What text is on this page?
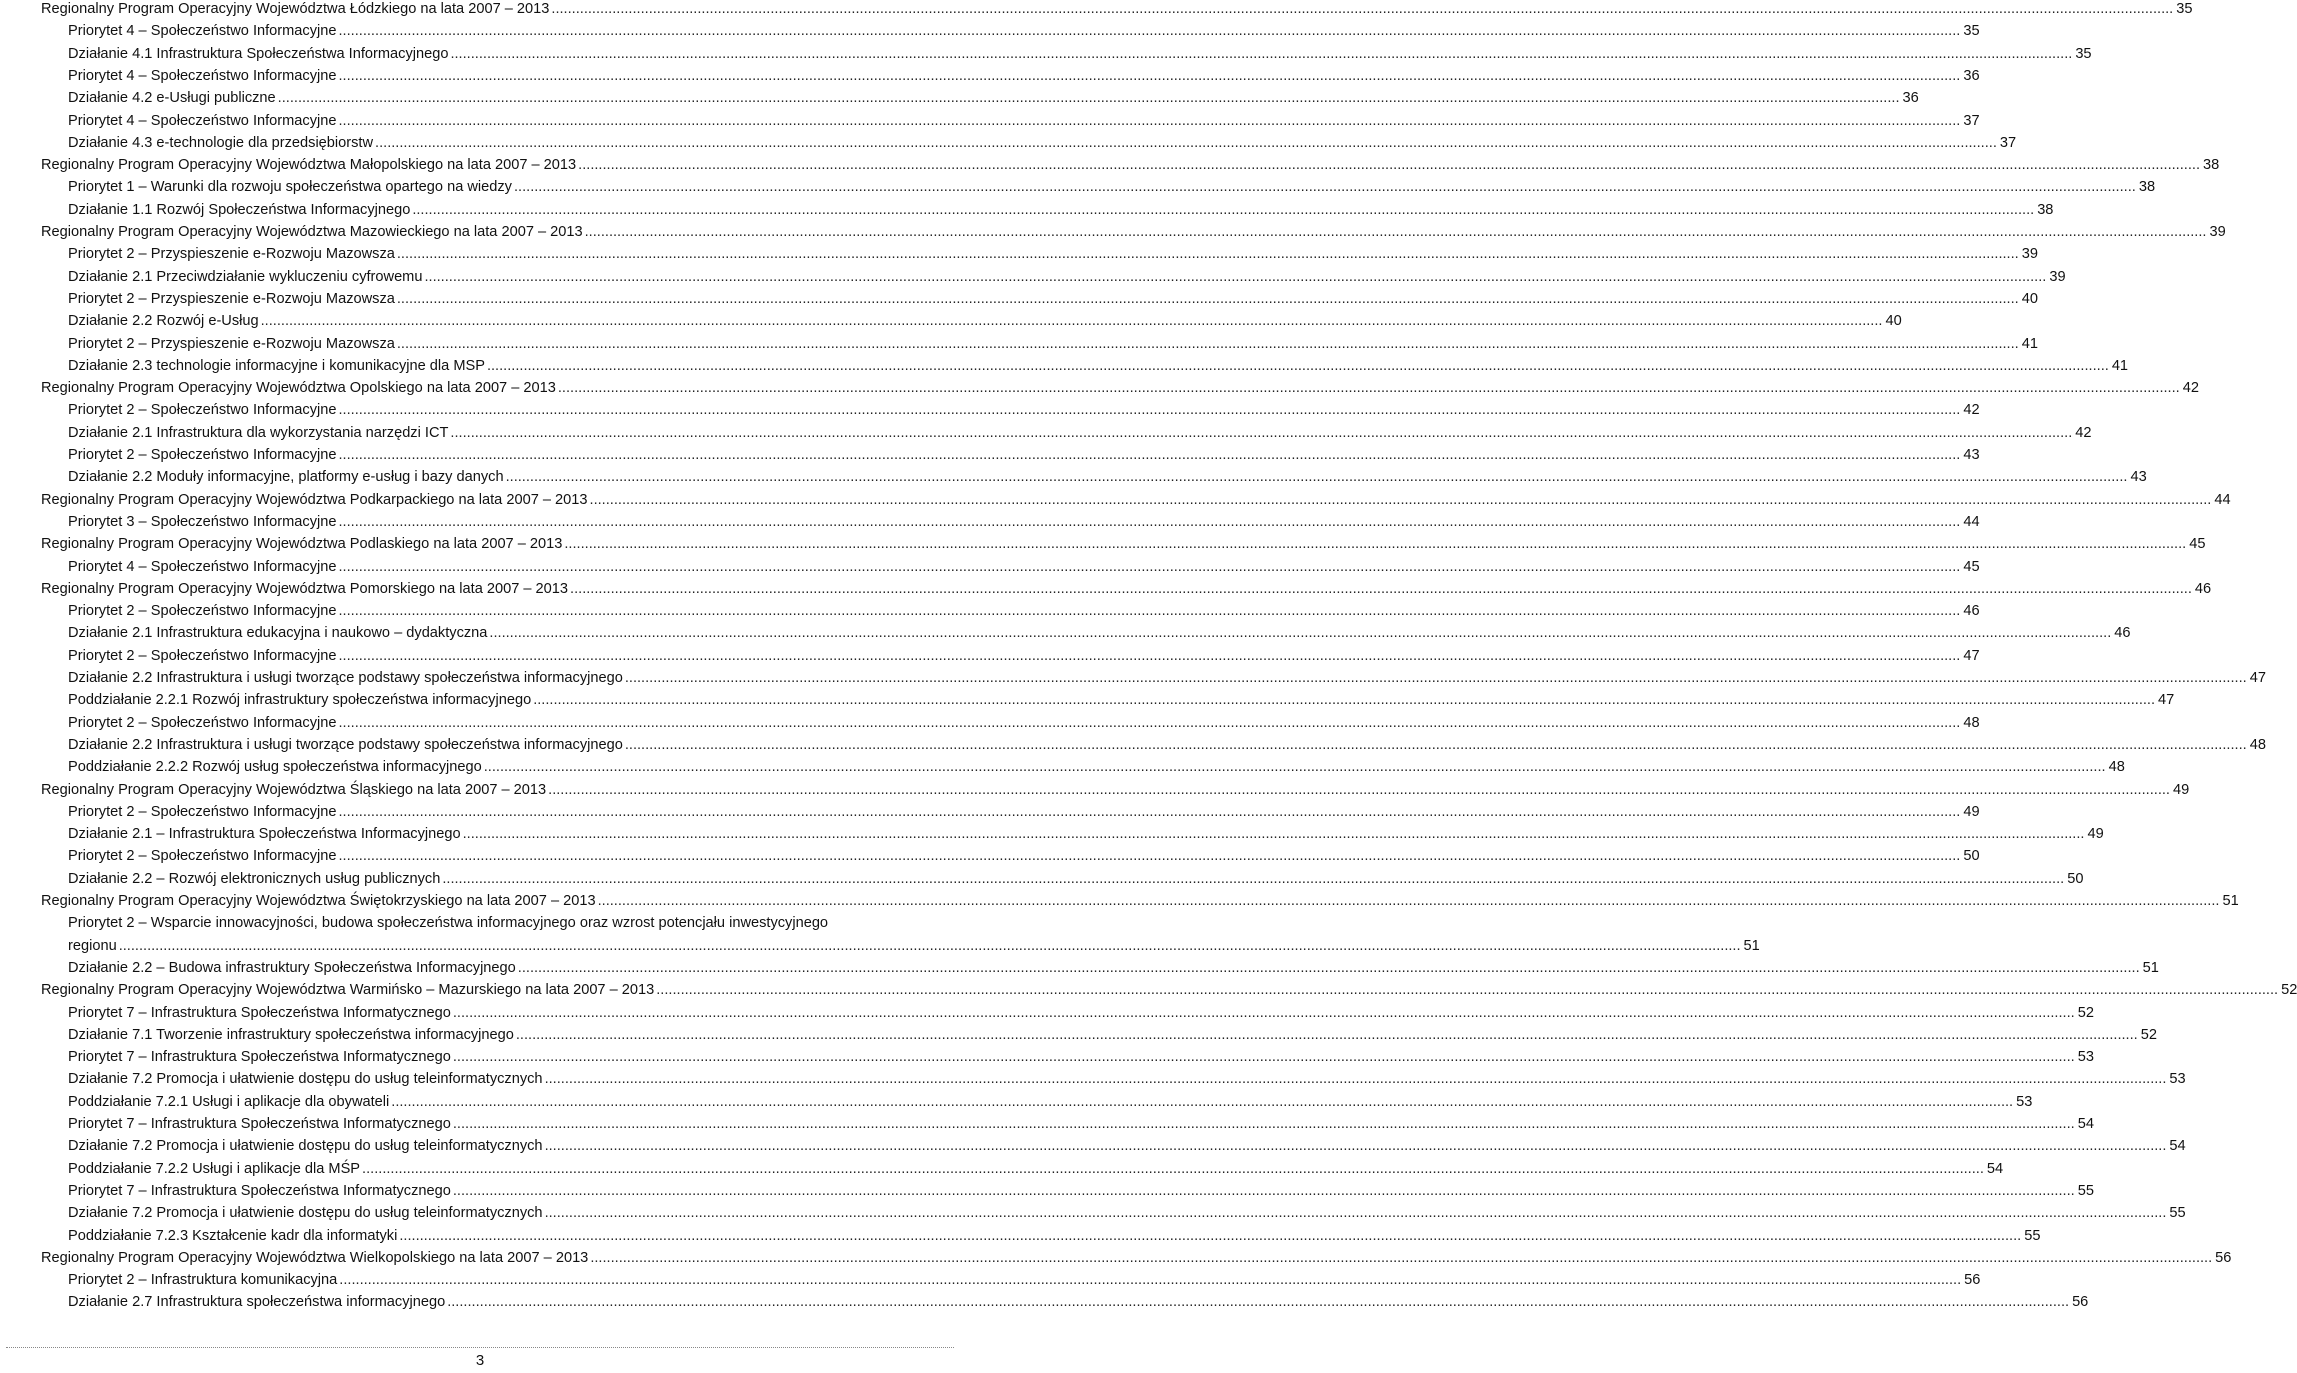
Regionalny Program Operacyjny Województwa Łódzkiego na lata 2007 – 2013 ................................................................................................................................................................................................................................................................................................................................................................................................................ 35
Priorytet 4 – Społeczeństwo Informacyjne ................................................................................................................................................................................................................................................................................................................................................................................................................ 35
Działanie 4.1 Infrastruktura Społeczeństwa Informacyjnego ................................................................................................................................................................................................................................................................................................................................................................................................................ 35
Priorytet 4 – Społeczeństwo Informacyjne ................................................................................................................................................................................................................................................................................................................................................................................................................ 36
Działanie 4.2 e-Usługi publiczne ................................................................................................................................................................................................................................................................................................................................................................................................................ 36
Priorytet 4 – Społeczeństwo Informacyjne ................................................................................................................................................................................................................................................................................................................................................................................................................ 37
Działanie 4.3 e-technologie dla przedsiębiorstw ................................................................................................................................................................................................................................................................................................................................................................................................................ 37
Regionalny Program Operacyjny Województwa Małopolskiego na lata 2007 – 2013 ................................................................................................................................................................................................................................................................................................................................................................................................................ 38
Priorytet 1 – Warunki dla rozwoju społeczeństwa opartego na wiedzy ................................................................................................................................................................................................................................................................................................................................................................................................................ 38
Działanie 1.1 Rozwój Społeczeństwa Informacyjnego ................................................................................................................................................................................................................................................................................................................................................................................................................ 38
Regionalny Program Operacyjny Województwa Mazowieckiego na lata 2007 – 2013 ................................................................................................................................................................................................................................................................................................................................................................................................................ 39
Priorytet 2 – Przyspieszenie e-Rozwoju Mazowsza ................................................................................................................................................................................................................................................................................................................................................................................................................ 39
Działanie 2.1 Przeciwdziałanie wykluczeniu cyfrowemu ................................................................................................................................................................................................................................................................................................................................................................................................................ 39
Priorytet 2 – Przyspieszenie e-Rozwoju Mazowsza ................................................................................................................................................................................................................................................................................................................................................................................................................ 40
Działanie 2.2 Rozwój e-Usług ................................................................................................................................................................................................................................................................................................................................................................................................................ 40
Priorytet 2 – Przyspieszenie e-Rozwoju Mazowsza ................................................................................................................................................................................................................................................................................................................................................................................................................ 41
Działanie 2.3 technologie informacyjne i komunikacyjne dla MSP ................................................................................................................................................................................................................................................................................................................................................................................................................ 41
Regionalny Program Operacyjny Województwa Opolskiego na lata 2007 – 2013 ................................................................................................................................................................................................................................................................................................................................................................................................................ 42
Priorytet 2 – Społeczeństwo Informacyjne ................................................................................................................................................................................................................................................................................................................................................................................................................ 42
Działanie 2.1 Infrastruktura dla wykorzystania narzędzi ICT ................................................................................................................................................................................................................................................................................................................................................................................................................ 42
Priorytet 2 – Społeczeństwo Informacyjne ................................................................................................................................................................................................................................................................................................................................................................................................................ 43
Działanie 2.2 Moduły informacyjne, platformy e-usług i bazy danych ................................................................................................................................................................................................................................................................................................................................................................................................................ 43
Regionalny Program Operacyjny Województwa Podkarpackiego na lata 2007 – 2013 ................................................................................................................................................................................................................................................................................................................................................................................................................ 44
Priorytet 3 – Społeczeństwo Informacyjne ................................................................................................................................................................................................................................................................................................................................................................................................................ 44
Regionalny Program Operacyjny Województwa Podlaskiego na lata 2007 – 2013 ................................................................................................................................................................................................................................................................................................................................................................................................................ 45
Priorytet 4 – Społeczeństwo Informacyjne ................................................................................................................................................................................................................................................................................................................................................................................................................ 45
Regionalny Program Operacyjny Województwa Pomorskiego na lata 2007 – 2013 ................................................................................................................................................................................................................................................................................................................................................................................................................ 46
Priorytet 2 – Społeczeństwo Informacyjne ................................................................................................................................................................................................................................................................................................................................................................................................................ 46
Działanie 2.1 Infrastruktura edukacyjna i naukowo – dydaktyczna ................................................................................................................................................................................................................................................................................................................................................................................................................ 46
Priorytet 2 – Społeczeństwo Informacyjne ................................................................................................................................................................................................................................................................................................................................................................................................................ 47
Działanie 2.2 Infrastruktura i usługi tworzące podstawy społeczeństwa informacyjnego ................................................................................................................................................................................................................................................................................................................................................................................................................ 47
Poddziałanie 2.2.1 Rozwój infrastruktury społeczeństwa informacyjnego ................................................................................................................................................................................................................................................................................................................................................................................................................ 47
Priorytet 2 – Społeczeństwo Informacyjne ................................................................................................................................................................................................................................................................................................................................................................................................................ 48
Działanie 2.2 Infrastruktura i usługi tworzące podstawy społeczeństwa informacyjnego ................................................................................................................................................................................................................................................................................................................................................................................................................ 48
Poddziałanie 2.2.2 Rozwój usług społeczeństwa informacyjnego ................................................................................................................................................................................................................................................................................................................................................................................................................ 48
Regionalny Program Operacyjny Województwa Śląskiego na lata 2007 – 2013 ................................................................................................................................................................................................................................................................................................................................................................................................................ 49
Priorytet 2 – Społeczeństwo Informacyjne ................................................................................................................................................................................................................................................................................................................................................................................................................ 49
Działanie 2.1 – Infrastruktura Społeczeństwa Informacyjnego ................................................................................................................................................................................................................................................................................................................................................................................................................ 49
Priorytet 2 – Społeczeństwo Informacyjne ................................................................................................................................................................................................................................................................................................................................................................................................................ 50
Działanie 2.2 – Rozwój elektronicznych usług publicznych ................................................................................................................................................................................................................................................................................................................................................................................................................ 50
Regionalny Program Operacyjny Województwa Świętokrzyskiego na lata 2007 – 2013 ................................................................................................................................................................................................................................................................................................................................................................................................................ 51
Priorytet 2 – Wsparcie innowacyjności, budowa społeczeństwa informacyjnego oraz wzrost potencjału inwestycyjnego
regionu ................................................................................................................................................................................................................................................................................................................................................................................................................ 51
Działanie 2.2 – Budowa infrastruktury Społeczeństwa Informacyjnego ................................................................................................................................................................................................................................................................................................................................................................................................................ 51
Regionalny Program Operacyjny Województwa Warmińsko – Mazurskiego na lata 2007 – 2013 ................................................................................................................................................................................................................................................................................................................................................................................................................ 52
Priorytet 7 – Infrastruktura Społeczeństwa Informatycznego ................................................................................................................................................................................................................................................................................................................................................................................................................ 52
Działanie 7.1 Tworzenie infrastruktury społeczeństwa informacyjnego ................................................................................................................................................................................................................................................................................................................................................................................................................ 52
Priorytet 7 – Infrastruktura Społeczeństwa Informatycznego ................................................................................................................................................................................................................................................................................................................................................................................................................ 53
Działanie 7.2 Promocja i ułatwienie dostępu do usług teleinformatycznych ................................................................................................................................................................................................................................................................................................................................................................................................................ 53
Poddziałanie 7.2.1 Usługi i aplikacje dla obywateli ................................................................................................................................................................................................................................................................................................................................................................................................................ 53
Priorytet 7 – Infrastruktura Społeczeństwa Informatycznego ................................................................................................................................................................................................................................................................................................................................................................................................................ 54
Działanie 7.2 Promocja i ułatwienie dostępu do usług teleinformatycznych ................................................................................................................................................................................................................................................................................................................................................................................................................ 54
Poddziałanie 7.2.2 Usługi i aplikacje dla MŚP ................................................................................................................................................................................................................................................................................................................................................................................................................ 54
Priorytet 7 – Infrastruktura Społeczeństwa Informatycznego ................................................................................................................................................................................................................................................................................................................................................................................................................ 55
Działanie 7.2 Promocja i ułatwienie dostępu do usług teleinformatycznych ................................................................................................................................................................................................................................................................................................................................................................................................................ 55
Poddziałanie 7.2.3 Kształcenie kadr dla informatyki ................................................................................................................................................................................................................................................................................................................................................................................................................ 55
Regionalny Program Operacyjny Województwa Wielkopolskiego na lata 2007 – 2013 ................................................................................................................................................................................................................................................................................................................................................................................................................ 56
Priorytet 2 – Infrastruktura komunikacyjna ................................................................................................................................................................................................................................................................................................................................................................................................................ 56
Działanie 2.7 Infrastruktura społeczeństwa informacyjnego ................................................................................................................................................................................................................................................................................................................................................................................................................ 56
3
